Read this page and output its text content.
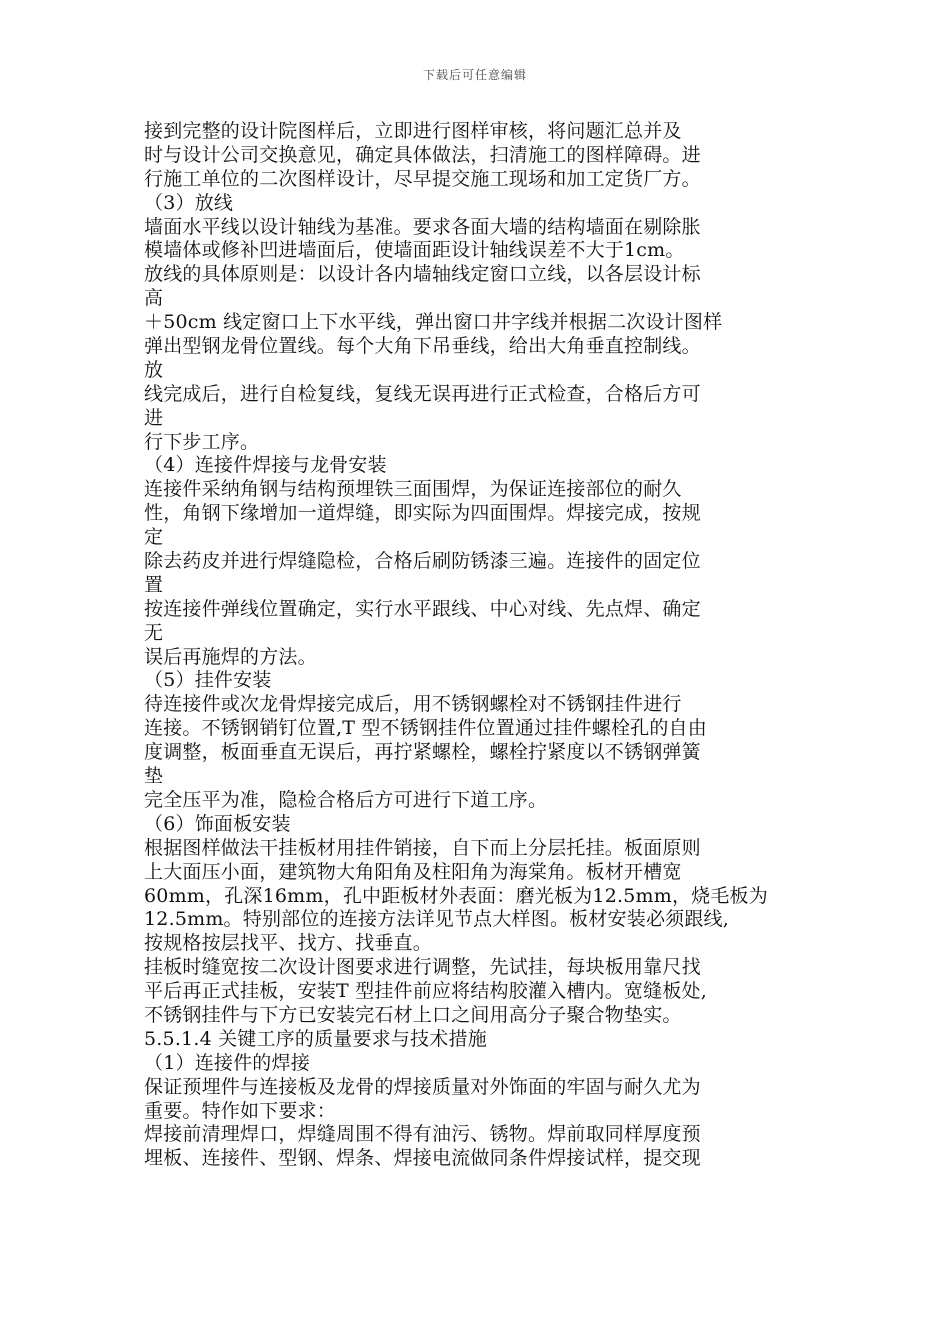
下载后可任意编辑
接到完整的设计院图样后，立即进行图样审核，将问题汇总并及
时与设计公司交换意见，确定具体做法，扫清施工的图样障碍。进
行施工单位的二次图样设计，尽早提交施工现场和加工定货厂方。
（3）放线
墙面水平线以设计轴线为基准。要求各面大墙的结构墙面在剔除胀
模墙体或修补凹进墙面后，使墙面距设计轴线误差不大于1cm。
放线的具体原则是：以设计各内墙轴线定窗口立线，以各层设计标
高
＋50cm 线定窗口上下水平线，弹出窗口井字线并根据二次设计图样
弹出型钢龙骨位置线。每个大角下吊垂线，给出大角垂直控制线。
放
线完成后，进行自检复线，复线无误再进行正式检查，合格后方可
进
行下步工序。
（4）连接件焊接与龙骨安装
连接件采纳角钢与结构预埋铁三面围焊，为保证连接部位的耐久
性，角钢下缘增加一道焊缝，即实际为四面围焊。焊接完成，按规
定
除去药皮并进行焊缝隐检，合格后刷防锈漆三遍。连接件的固定位
置
按连接件弹线位置确定，实行水平跟线、中心对线、先点焊、确定
无
误后再施焊的方法。
（5）挂件安装
待连接件或次龙骨焊接完成后，用不锈钢螺栓对不锈钢挂件进行
连接。不锈钢销钉位置,T 型不锈钢挂件位置通过挂件螺栓孔的自由
度调整，板面垂直无误后，再拧紧螺栓，螺栓拧紧度以不锈钢弹簧
垫
完全压平为准，隐检合格后方可进行下道工序。
（6）饰面板安装
根据图样做法干挂板材用挂件销接，自下而上分层托挂。板面原则
上大面压小面，建筑物大角阳角及柱阳角为海棠角。板材开槽宽
60mm，孔深16mm，孔中距板材外表面：磨光板为12.5mm，烧毛板为
12.5mm。特别部位的连接方法详见节点大样图。板材安装必须跟线,
按规格按层找平、找方、找垂直。
挂板时缝宽按二次设计图要求进行调整，先试挂，每块板用靠尺找
平后再正式挂板，安装T 型挂件前应将结构胶灌入槽内。宽缝板处,
不锈钢挂件与下方已安装完石材上口之间用高分子聚合物垫实。
5.5.1.4 关键工序的质量要求与技术措施
（1）连接件的焊接
保证预埋件与连接板及龙骨的焊接质量对外饰面的牢固与耐久尤为
重要。特作如下要求：
焊接前清理焊口，焊缝周围不得有油污、锈物。焊前取同样厚度预
埋板、连接件、型钢、焊条、焊接电流做同条件焊接试样，提交现
